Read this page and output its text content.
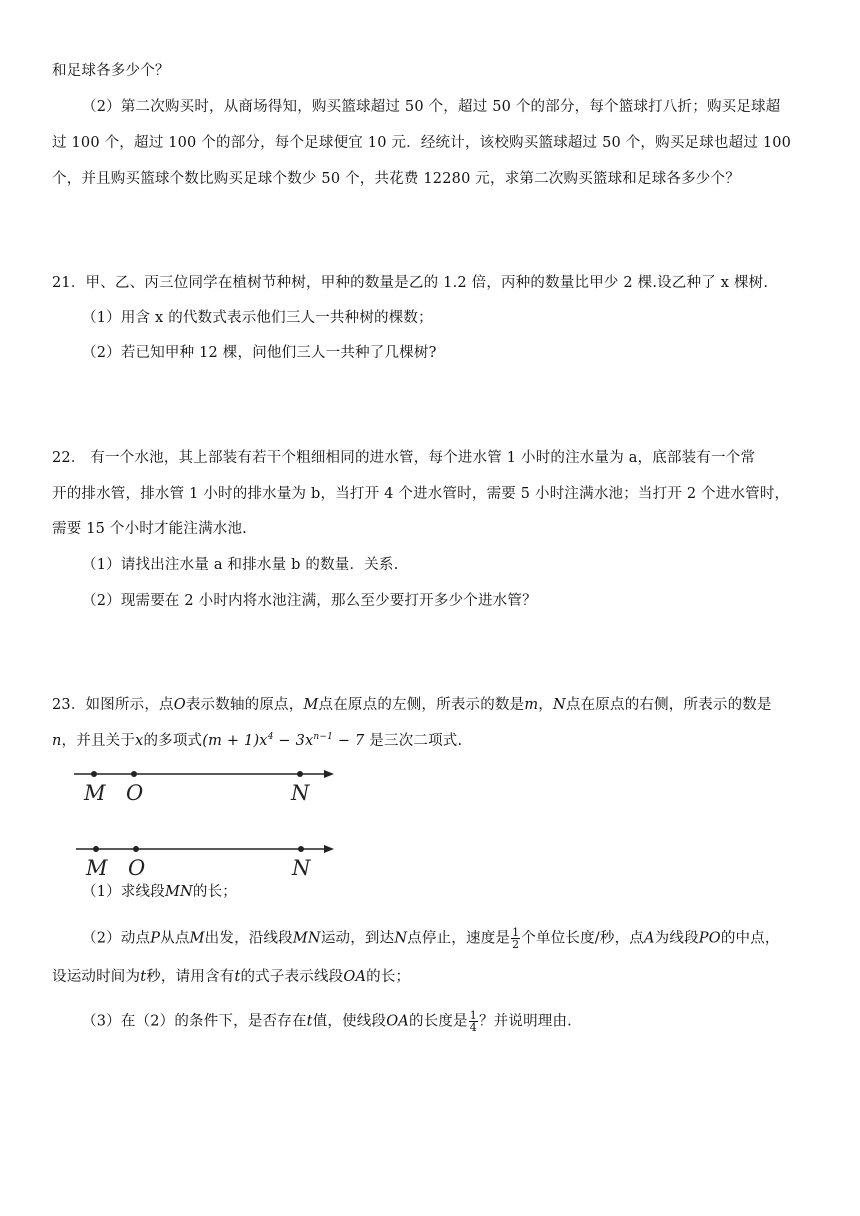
和足球各多少个？
（2）第二次购买时，从商场得知，购买篮球超过 50 个，超过 50 个的部分，每个篮球打八折；购买足球超
过 100 个，超过 100 个的部分，每个足球便宜 10 元．经统计，该校购买篮球超过 50 个，购买足球也超过 100
个，并且购买篮球个数比购买足球个数少 50 个，共花费 12280 元，求第二次购买篮球和足球各多少个？
21．甲、乙、丙三位同学在植树节种树，甲种的数量是乙的 1.2 倍，丙种的数量比甲少 2 棵.设乙种了 x 棵树.
（1）用含 x 的代数式表示他们三人一共种树的棵数；
（2）若已知甲种 12 棵，问他们三人一共种了几棵树?
22． 有一个水池，其上部装有若干个粗细相同的进水管，每个进水管 1 小时的注水量为 a，底部装有一个常
开的排水管，排水管 1 小时的排水量为 b，当打开 4 个进水管时，需要 5 小时注满水池；当打开 2 个进水管时，
需要 15 个小时才能注满水池.
（1）请找出注水量 a 和排水量 b 的数量．关系.
（2）现需要在 2 小时内将水池注满，那么至少要打开多少个进水管？
23．如图所示，点O表示数轴的原点，M点在原点的左侧，所表示的数是m，N点在原点的右侧，所表示的数是
n，并且关于x的多项式$(m + 1)x^4 - 3x^{n-1} - 7$ 是三次二项式.
M O	N
M O	N
（1）求线段MN的长；
（2）动点P从点M出发，沿线段MN运动，到达N点停止，速度是 $\frac{1}{2}$ 个单位长度/秒，点A为线段PO的中点，
设运动时间为t秒，请用含有t的式子表示线段OA的长；
（3）在（2）的条件下，是否存在t值，使线段OA的长度是 $\frac{1}{4}$ ？并说明理由.
